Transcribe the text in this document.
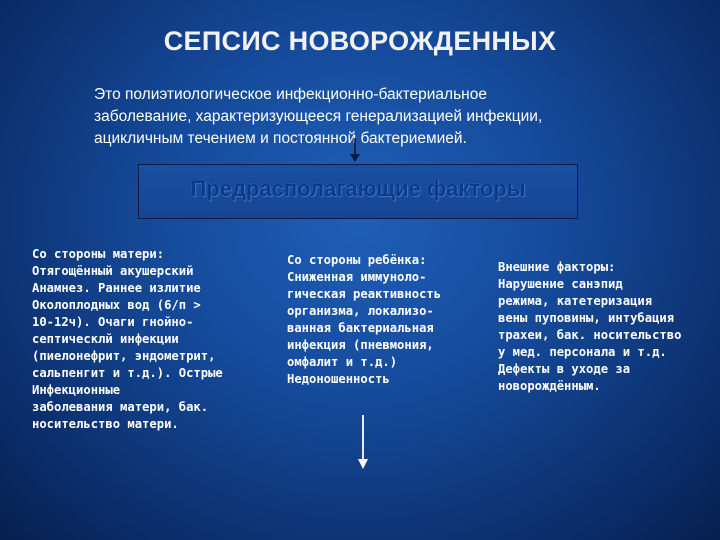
СЕПСИС НОВОРОЖДЕННЫХ

Это полиэтиологическое инфекционно-бактериальное
заболевание, характеризующееся генерализацией инфекции,
ацикличным течением и постоянной бактериемией.

Предрасполагающие факторы
Со стороны матери:
Отягощённый акушерский
Анамнез. Раннее излитие
Околоплодных вод (6/п >
10-12ч). Очаги гнойно-
септическлй инфекции
(пиелонефрит, эндометрит,
сальпенгит и т.д.). Острые
Инфекционные
заболевания матери, бак.
носительство матери.
Со стороны ребёнка:
Сниженная иммуноло-
гическая реактивность
организма, локализо-
ванная бактериальная
инфекция (пневмония,
омфалит и т.д.)
Недоношенность
Внешние факторы:
Нарушение санэпид
режима, катетеризация
вены пуповины, интубация
трахеи, бак. носительство
у мед. персонала и т.д.
Дефекты в уходе за
новорождённым.
